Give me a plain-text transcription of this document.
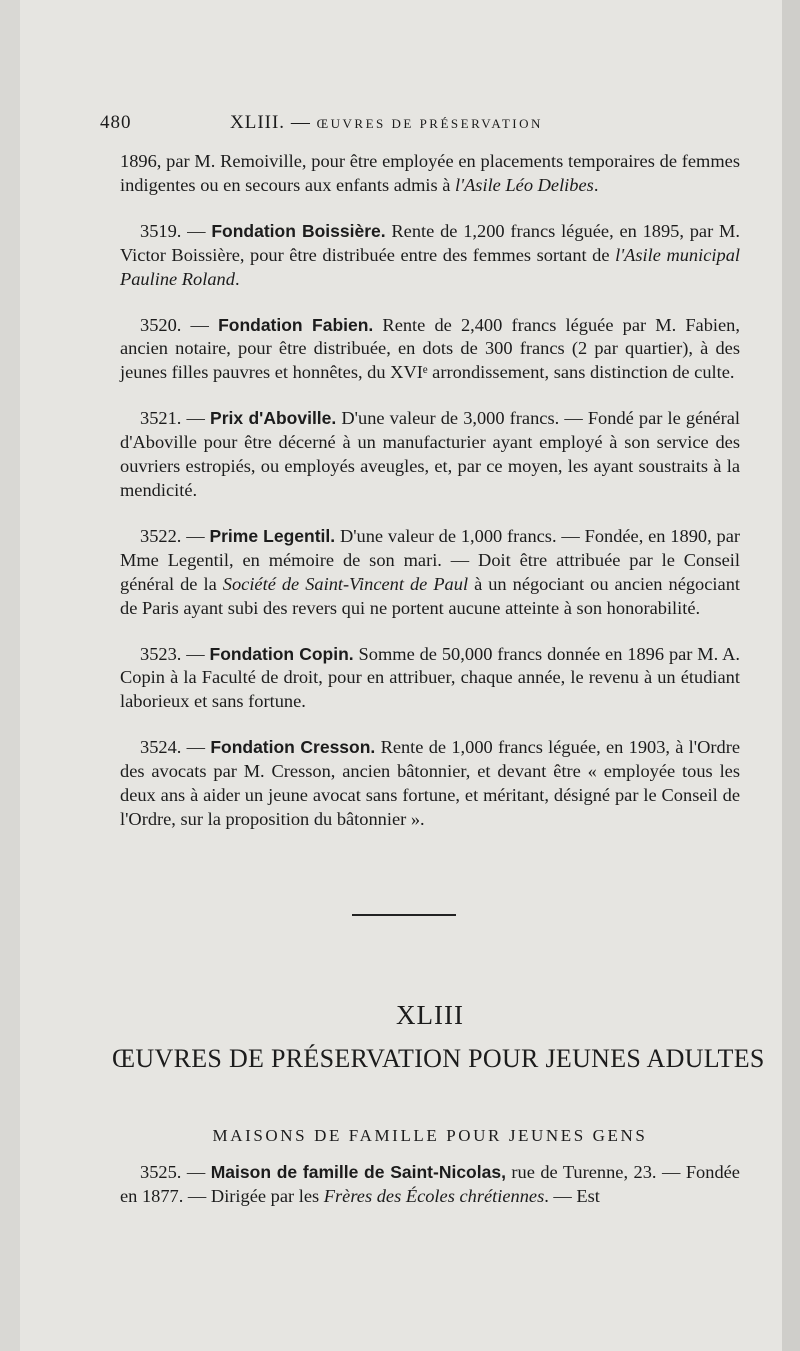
480	XLIII. — ŒUVRES DE PRÉSERVATION

1896, par M. Remoiville, pour être employée en placements temporaires de femmes indigentes ou en secours aux enfants admis à l'Asile Léo Delibes.

3519. — Fondation Boissière. Rente de 1,200 francs léguée, en 1895, par M. Victor Boissière, pour être distribuée entre des femmes sortant de l'Asile municipal Pauline Roland.

3520. — Fondation Fabien. Rente de 2,400 francs léguée par M. Fabien, ancien notaire, pour être distribuée, en dots de 300 francs (2 par quartier), à des jeunes filles pauvres et honnêtes, du XVIᵉ arrondissement, sans distinction de culte.

3521. — Prix d'Aboville. D'une valeur de 3,000 francs. — Fondé par le général d'Aboville pour être décerné à un manufacturier ayant employé à son service des ouvriers estropiés, ou employés aveugles, et, par ce moyen, les ayant soustraits à la mendicité.

3522. — Prime Legentil. D'une valeur de 1,000 francs. — Fondée, en 1890, par Mme Legentil, en mémoire de son mari. — Doit être attribuée par le Conseil général de la Société de Saint-Vincent de Paul à un négociant ou ancien négociant de Paris ayant subi des revers qui ne portent aucune atteinte à son honorabilité.

3523. — Fondation Copin. Somme de 50,000 francs donnée en 1896 par M. A. Copin à la Faculté de droit, pour en attribuer, chaque année, le revenu à un étudiant laborieux et sans fortune.

3524. — Fondation Cresson. Rente de 1,000 francs léguée, en 1903, à l'Ordre des avocats par M. Cresson, ancien bâtonnier, et devant être « employée tous les deux ans à aider un jeune avocat sans fortune, et méritant, désigné par le Conseil de l'Ordre, sur la proposition du bâtonnier ».

XLIII
ŒUVRES DE PRÉSERVATION POUR JEUNES ADULTES
MAISONS DE FAMILLE POUR JEUNES GENS

3525. — Maison de famille de Saint-Nicolas, rue de Turenne, 23. — Fondée en 1877. — Dirigée par les Frères des Écoles chrétiennes. — Est
